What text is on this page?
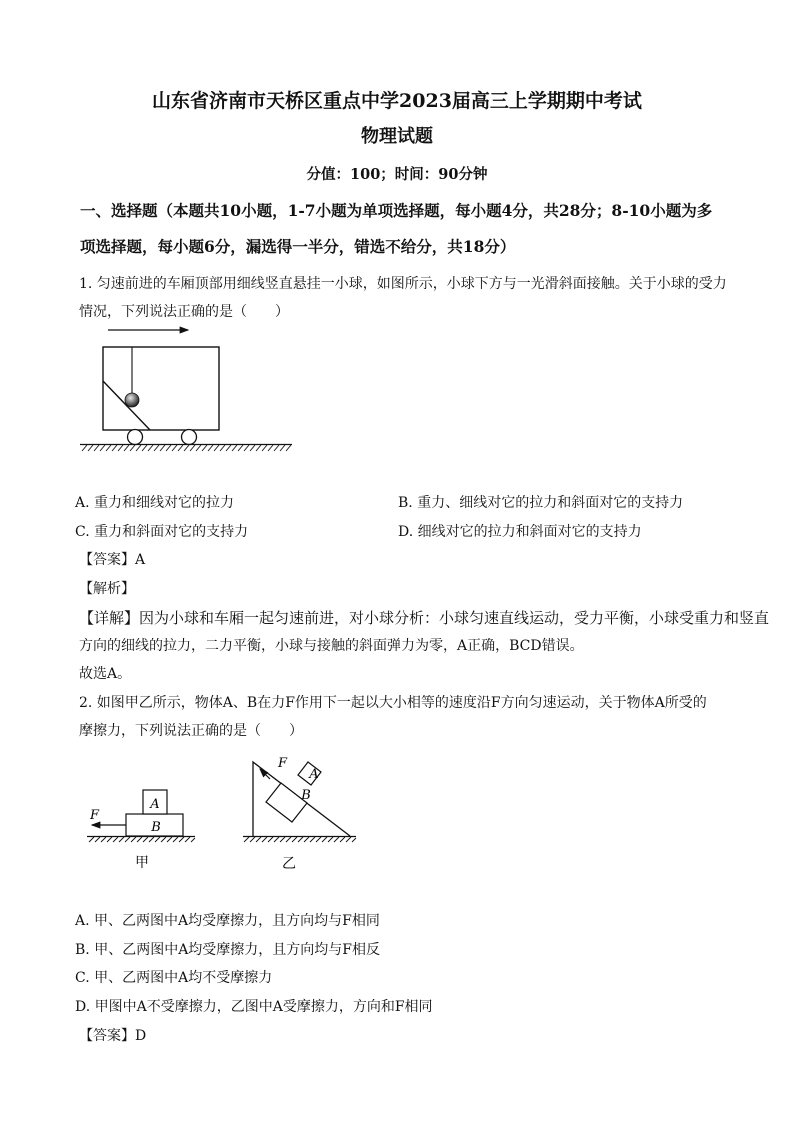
山东省济南市天桥区重点中学2023届高三上学期期中考试
物理试题
分值：100；时间：90分钟
一、选择题（本题共10小题，1-7小题为单项选择题，每小题4分，共28分；8-10小题为多
项选择题，每小题6分，漏选得一半分，错选不给分，共18分）
1. 匀速前进的车厢顶部用细线竖直悬挂一小球，如图所示，小球下方与一光滑斜面接触。关于小球的受力
情况，下列说法正确的是（　　）
A. 重力和细线对它的拉力	B. 重力、细线对它的拉力和斜面对它的支持力
C. 重力和斜面对它的支持力	D. 细线对它的拉力和斜面对它的支持力
【答案】A
【解析】
【详解】因为小球和车厢一起匀速前进，对小球分析：小球匀速直线运动，受力平衡，小球受重力和竖直
方向的细线的拉力，二力平衡，小球与接触的斜面弹力为零，A正确，BCD错误。
故选A。
2. 如图甲乙所示，物体A、B在力F作用下一起以大小相等的速度沿F方向匀速运动，关于物体A所受的
摩擦力，下列说法正确的是（　　）
A
B
F
甲
A
B
F
乙
A. 甲、乙两图中A均受摩擦力，且方向均与F相同
B. 甲、乙两图中A均受摩擦力，且方向均与F相反
C. 甲、乙两图中A均不受摩擦力
D. 甲图中A不受摩擦力，乙图中A受摩擦力，方向和F相同
【答案】D
